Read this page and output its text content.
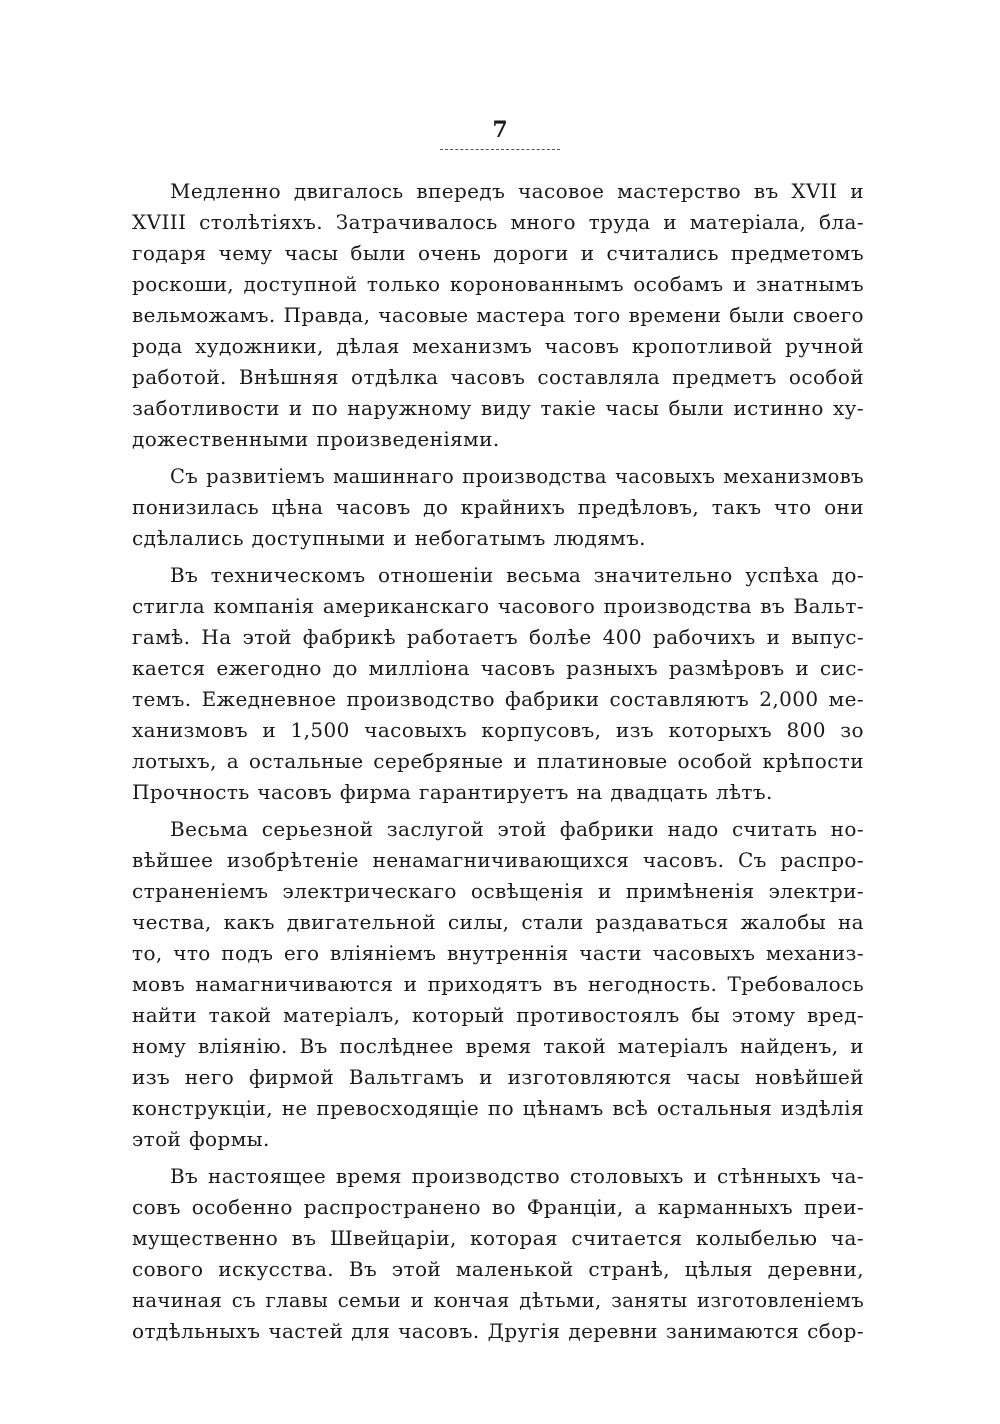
7
Медленно двигалось впередъ часовое мастерство въ XVII и
XVIII столѣтіяхъ. Затрачивалось много труда и матеріала, бла-
годаря чему часы были очень дороги и считались предметомъ
роскоши, доступной только коронованнымъ особамъ и знатнымъ
вельможамъ. Правда, часовые мастера того времени были своего
рода художники, дѣлая механизмъ часовъ кропотливой ручной
работой. Внѣшняя отдѣлка часовъ составляла предметъ особой
заботливости и по наружному виду такіе часы были истинно ху-
дожественными произведеніями.
Съ развитіемъ машиннаго производства часовыхъ механизмовъ
понизилась цѣна часовъ до крайнихъ предѣловъ, такъ что они
сдѣлались доступными и небогатымъ людямъ.
Въ техническомъ отношеніи весьма значительно успѣха до-
стигла компанія американскаго часового производства въ Вальт-
гамѣ. На этой фабрикѣ работаетъ болѣе 400 рабочихъ и выпус-
кается ежегодно до милліона часовъ разныхъ размѣровъ и сис-
темъ. Ежедневное производство фабрики составляютъ 2,000 ме-
ханизмовъ и 1,500 часовыхъ корпусовъ, изъ которыхъ 800 зо
лотыхъ, а остальные серебряные и платиновые особой крѣпости
Прочность часовъ фирма гарантируетъ на двадцать лѣтъ.
Весьма серьезной заслугой этой фабрики надо считать но-
вѣйшее изобрѣтеніе ненамагничивающихся часовъ. Съ распро-
страненіемъ электрическаго освѣщенія и примѣненія электри-
чества, какъ двигательной силы, стали раздаваться жалобы на
то, что подъ его вліяніемъ внутреннія части часовыхъ механиз-
мовъ намагничиваются и приходятъ въ негодность. Требовалось
найти такой матеріалъ, который противостоялъ бы этому вред-
ному вліянію. Въ послѣднее время такой матеріалъ найденъ, и
изъ него фирмой Вальтгамъ и изготовляются часы новѣйшей
конструкціи, не превосходящіе по цѣнамъ всѣ остальныя издѣлія
этой формы.
Въ настоящее время производство столовыхъ и стѣнныхъ ча-
совъ особенно распространено во Франціи, а карманныхъ преи-
мущественно въ Швейцаріи, которая считается колыбелью ча-
сового искусства. Въ этой маленькой странѣ, цѣлыя деревни,
начиная съ главы семьи и кончая дѣтьми, заняты изготовленіемъ
отдѣльныхъ частей для часовъ. Другія деревни занимаются сбор-
